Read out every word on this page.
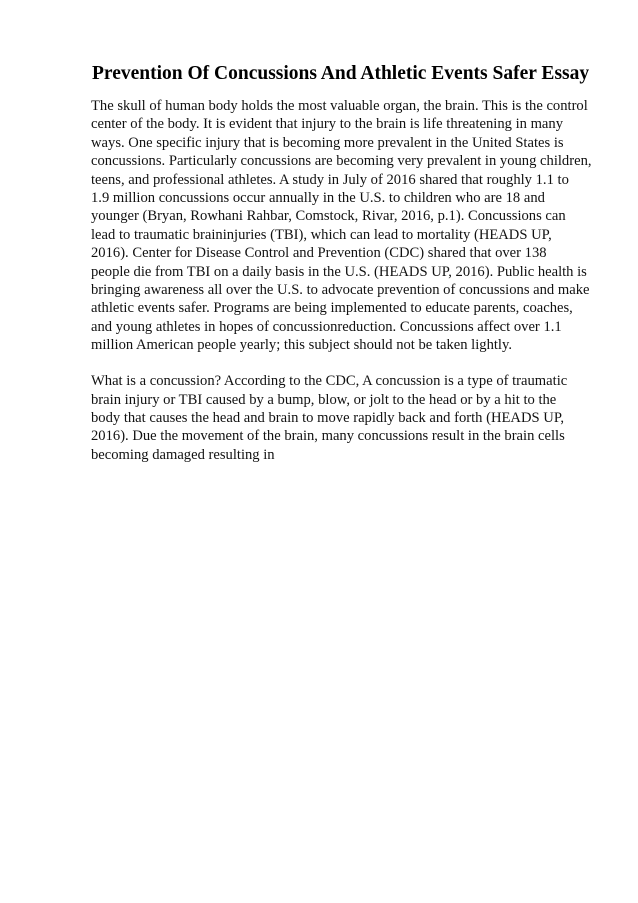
Prevention Of Concussions And Athletic Events Safer Essay

The skull of human body holds the most valuable organ, the brain. This is the control
center of the body. It is evident that injury to the brain is life threatening in many
ways. One specific injury that is becoming more prevalent in the United States is
concussions. Particularly concussions are becoming very prevalent in young children,
teens, and professional athletes. A study in July of 2016 shared that roughly 1.1 to
1.9 million concussions occur annually in the U.S. to children who are 18 and
younger (Bryan, Rowhani Rahbar, Comstock, Rivar, 2016, p.1). Concussions can
lead to traumatic braininjuries (TBI), which can lead to mortality (HEADS UP,
2016). Center for Disease Control and Prevention (CDC) shared that over 138
people die from TBI on a daily basis in the U.S. (HEADS UP, 2016). Public health is
bringing awareness all over the U.S. to advocate prevention of concussions and make
athletic events safer. Programs are being implemented to educate parents, coaches,
and young athletes in hopes of concussionreduction. Concussions affect over 1.1
million American people yearly; this subject should not be taken lightly.

What is a concussion? According to the CDC, A concussion is a type of traumatic
brain injury or TBI caused by a bump, blow, or jolt to the head or by a hit to the
body that causes the head and brain to move rapidly back and forth (HEADS UP,
2016). Due the movement of the brain, many concussions result in the brain cells
becoming damaged resulting in
